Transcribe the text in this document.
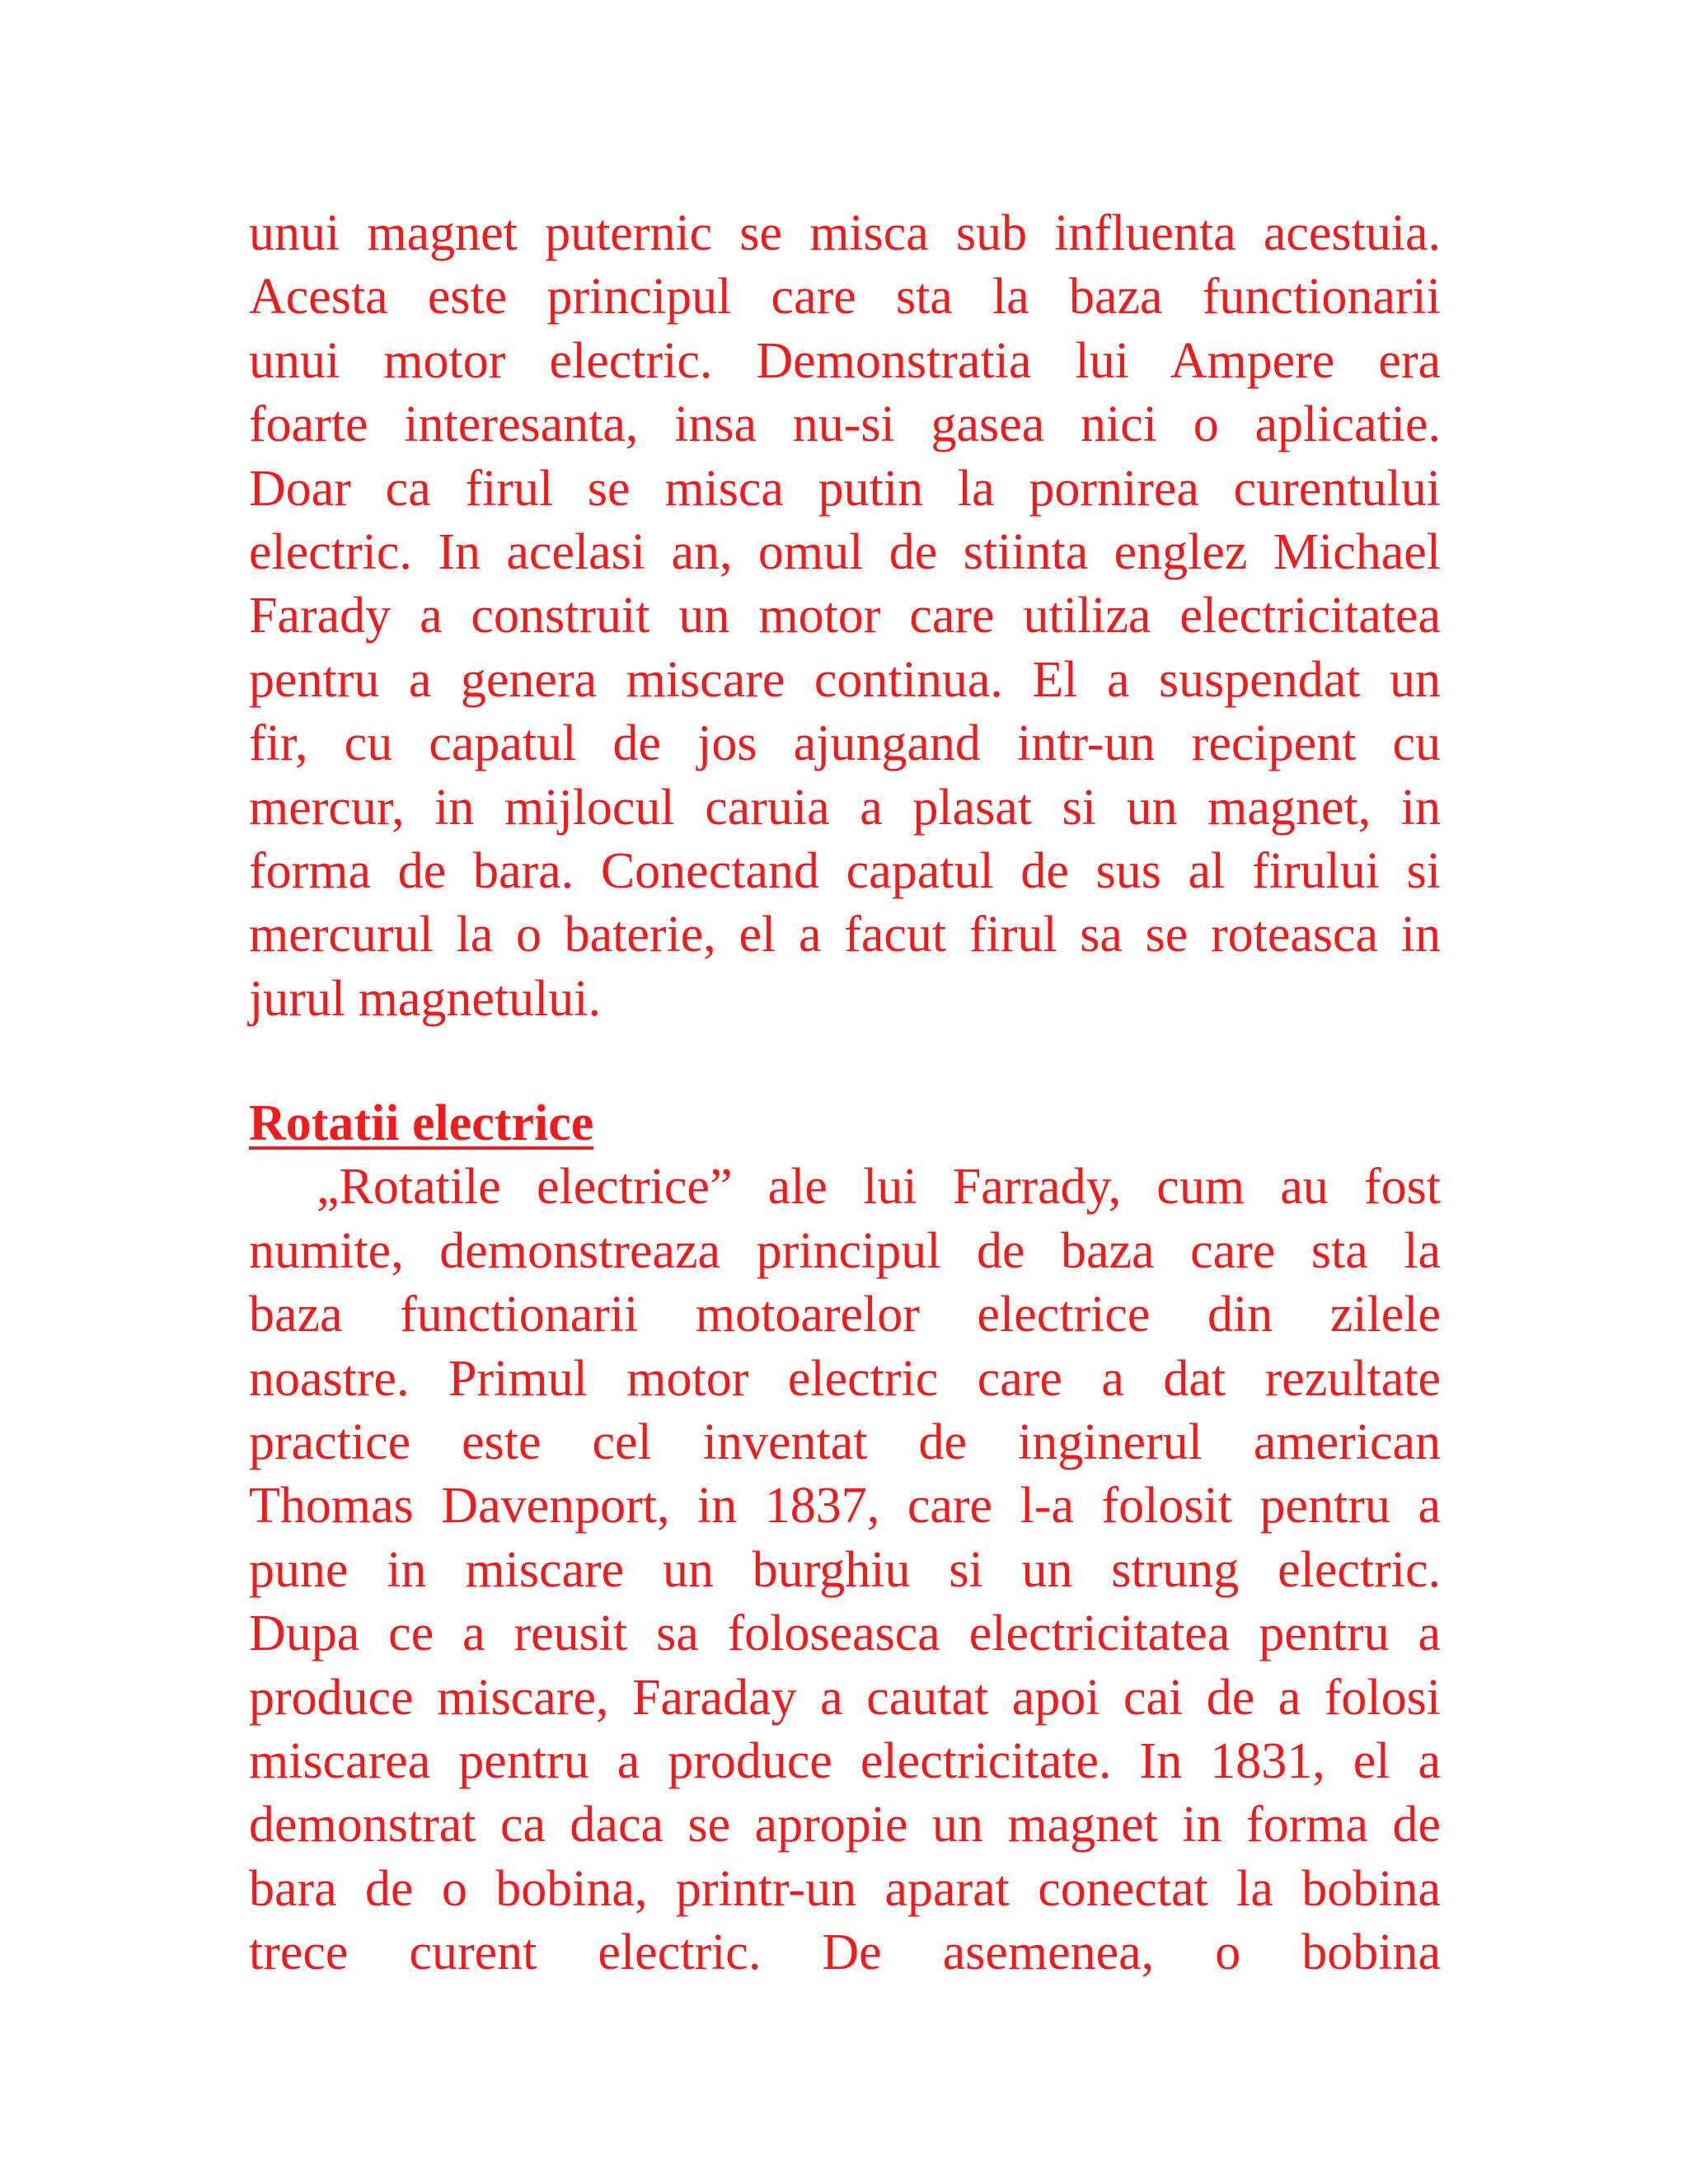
unui magnet puternic se misca sub influenta acestuia.
Acesta este principul care sta la baza functionarii
unui motor electric. Demonstratia lui Ampere era
foarte interesanta, insa nu-si gasea nici o aplicatie.
Doar ca firul se misca putin la pornirea curentului
electric. In acelasi an, omul de stiinta englez Michael
Farady a construit un motor care utiliza electricitatea
pentru a genera miscare continua. El a suspendat un
fir, cu capatul de jos ajungand intr-un recipent cu
mercur, in mijlocul caruia a plasat si un magnet, in
forma de bara. Conectand capatul de sus al firului si
mercurul la o baterie, el a facut firul sa se roteasca in
jurul magnetului.
Rotatii electrice
„Rotatile electrice” ale lui Farrady, cum au fost
numite, demonstreaza principul de baza care sta la
baza functionarii motoarelor electrice din zilele
noastre. Primul motor electric care a dat rezultate
practice este cel inventat de inginerul american
Thomas Davenport, in 1837, care l-a folosit pentru a
pune in miscare un burghiu si un strung electric.
Dupa ce a reusit sa foloseasca electricitatea pentru a
produce miscare, Faraday a cautat apoi cai de a folosi
miscarea pentru a produce electricitate. In 1831, el a
demonstrat ca daca se apropie un magnet in forma de
bara de o bobina, printr-un aparat conectat la bobina
trece curent electric. De asemenea, o bobina
